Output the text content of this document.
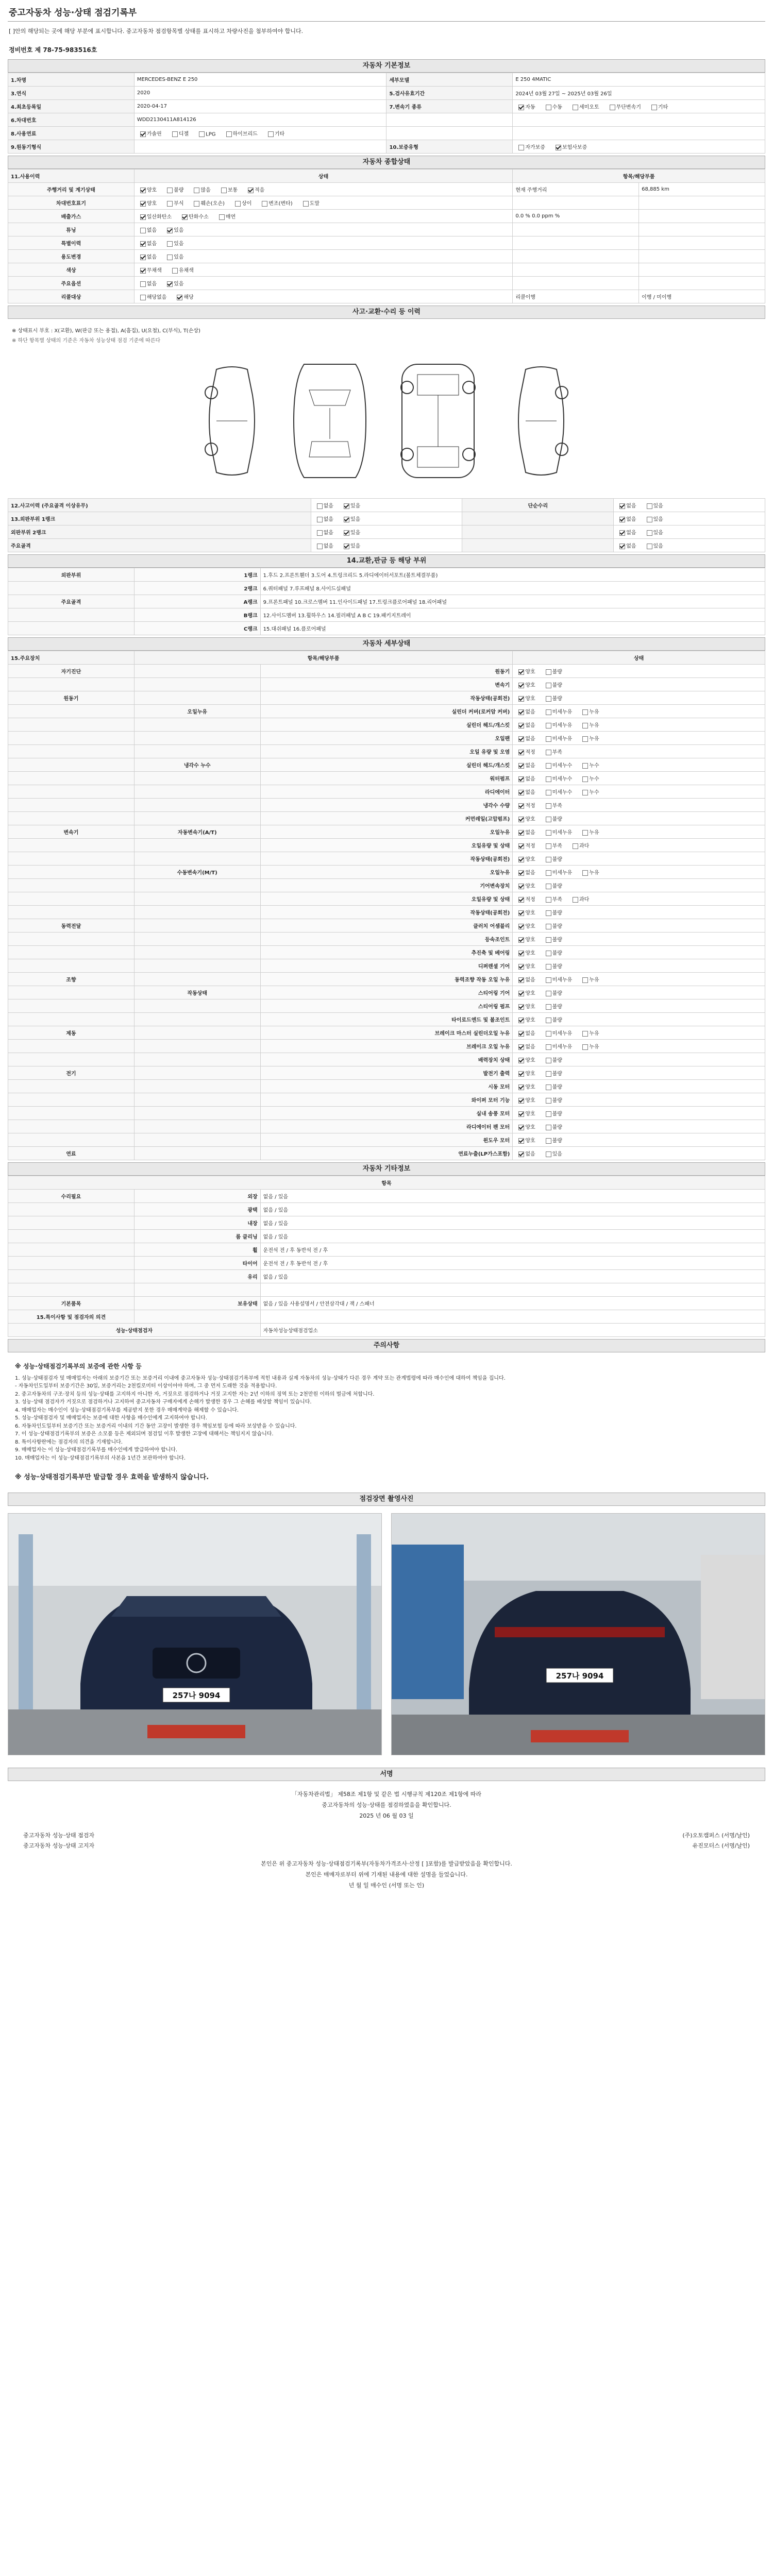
중고자동차 성능·상태 점검기록부
[ ]안의 해당되는 곳에 해당 부분에 표시합니다. 중고자동차 점검항목별 상태를 표시하고 차량사진을 첨부하여야 합니다.
정비번호 제 78-75-983516호
자동차 기본정보
1.차명	MERCEDES-BENZ E 250	세부모델	E 250 4MATIC
3.연식	2020	5.검사유효기간	2024년 03월 27일 ~ 2025년 03월 26일
4.최초등록일	2020-04-17	7.변속기 종류	자동 수동 세미오토 무단변속기 기타
6.차대번호	WDD2130411A814126		
8.사용연료	가솔린 디젤 LPG 하이브리드 기타		
9.원동기형식		10.보증유형	자가보증 보험사보증
자동차 종합상태
11.사용이력	상태	항목/해당부품	
주행거리 및 계기상태	양호 불량 많음 보통 적음	현재 주행거리	68,885 km
차대번호표기	양호 부식 훼손(오손) 상이 변조(변타) 도말		
배출가스	일산화탄소 탄화수소 매연	0.0 % 0.0 ppm %	
튜닝	없음 있음		
특별이력	없음 있음		
용도변경	없음 있음		
색상	무채색 유채색		
주요옵션	없음 있음		
리콜대상	해당없음 해당	리콜이행	이행 / 미이행
사고·교환·수리 등 이력
※ 상태표시 부호 : X(교환), W(판금 또는 용접), A(흠집), U(요철), C(부식), T(손상)
※ 하단 항목별 상태의 기준은 자동차 성능상태 점검 기준에 따른다
12.사고이력 (주요골격 이상유무)	없음 있음	단순수리	없음 있음
13.외판부위 1랭크	없음 있음		없음 있음
외판부위 2랭크	없음 있음		없음 있음
주요골격	없음 있음		없음 있음
14.교환,판금 등 해당 부위
외판부위	1랭크	1.후드 2.프론트휀더 3.도어 4.트렁크리드 5.라디에이터서포트(볼트체결부품)
	2랭크	6.쿼터패널 7.루프패널 8.사이드실패널
주요골격	A랭크	9.프론트패널 10.크로스멤버 11.인사이드패널 17.트렁크플로어패널 18.리어패널
	B랭크	12.사이드멤버 13.휠하우스 14.필러패널 A B C 19.패키지트레이
	C랭크	15.대쉬패널 16.플로어패널
자동차 세부상태
15.주요장치	항목/해당부품		상태
자기진단		원동기	양호 불량
		변속기	양호 불량
원동기		작동상태(공회전)	양호 불량
	오일누유	실린더 커버(로커암 커버)	없음 미세누유 누유
		실린더 헤드/개스킷	없음 미세누유 누유
		오일팬	없음 미세누유 누유
		오일 유량 및 오염	적정 부족
	냉각수 누수	실린더 헤드/개스킷	없음 미세누수 누수
		워터펌프	없음 미세누수 누수
		라디에이터	없음 미세누수 누수
		냉각수 수량	적정 부족
		커먼레일(고압펌프)	양호 불량
변속기	자동변속기(A/T)	오일누유	없음 미세누유 누유
		오일유량 및 상태	적정 부족 과다
		작동상태(공회전)	양호 불량
	수동변속기(M/T)	오일누유	없음 미세누유 누유
		기어변속장치	양호 불량
		오일유량 및 상태	적정 부족 과다
		작동상태(공회전)	양호 불량
동력전달		클러치 어셈블리	양호 불량
		등속조인트	양호 불량
		추진축 및 베어링	양호 불량
		디퍼렌셜 기어	양호 불량
조향		동력조향 작동 오일 누유	없음 미세누유 누유
	작동상태	스티어링 기어	양호 불량
		스티어링 펌프	양호 불량
		타이로드엔드 및 볼조인트	양호 불량
제동		브레이크 마스터 실린더오일 누유	없음 미세누유 누유
		브레이크 오일 누유	없음 미세누유 누유
		배력장치 상태	양호 불량
전기		발전기 출력	양호 불량
		시동 모터	양호 불량
		와이퍼 모터 기능	양호 불량
		실내 송풍 모터	양호 불량
		라디에이터 팬 모터	양호 불량
		윈도우 모터	양호 불량
연료		연료누출(LP가스포함)	없음 있음
자동차 기타정보
항목		
수리필요	외장	없음 / 있음
	광택	없음 / 있음
	내장	없음 / 있음
	룸 클리닝	없음 / 있음
	휠	운전석 전 / 후 동반석 전 / 후
	타이어	운전석 전 / 후 동반석 전 / 후
	유리	없음 / 있음

기본품목	보유상태	없음 / 있음 사용설명서 / 안전삼각대 / 잭 / 스패너
15.특이사항 및 점검자의 의견		
성능·상태점검자		자동차성능상태점검업소
주의사항
※ 성능·상태점검기록부의 보증에 관한 사항 등
1. 성능·상태점검자 및 매매업자는 아래의 보증기간 또는 보증거리 이내에 중고자동차 성능·상태점검기록부에 적힌 내용과 실제 자동차의 성능·상태가 다른 경우 계약 또는 관계법령에 따라 매수인에 대하여 책임을 집니다.
- 자동차인도일부터 보증기간은 30일, 보증거리는 2천킬로미터 이상이어야 하며, 그 중 먼저 도래한 것을 적용합니다.
2. 중고자동차의 구조·장치 등의 성능·상태를 고지하지 아니한 자, 거짓으로 점검하거나 거짓 고지한 자는 2년 이하의 징역 또는 2천만원 이하의 벌금에 처합니다.
3. 성능·상태 점검자가 거짓으로 점검하거나 고지하여 중고자동차 구매자에게 손해가 발생한 경우 그 손해를 배상할 책임이 있습니다.
4. 매매업자는 매수인이 성능·상태점검기록부를 제공받지 못한 경우 매매계약을 해제할 수 있습니다.
5. 성능·상태점검자 및 매매업자는 보증에 대한 사항을 매수인에게 고지하여야 합니다.
6. 자동차인도일부터 보증기간 또는 보증거리 이내의 기간 동안 고장이 발생한 경우 책임보험 등에 따라 보상받을 수 있습니다.
7. 이 성능·상태점검기록부의 보증은 소모품 등은 제외되며 점검일 이후 발생한 고장에 대해서는 책임지지 않습니다.
8. 특이사항란에는 점검자의 의견을 기재합니다.
9. 매매업자는 이 성능·상태점검기록부를 매수인에게 발급하여야 합니다.
10. 매매업자는 이 성능·상태점검기록부의 사본을 1년간 보관하여야 합니다.
※ 성능·상태점검기록부만 발급할 경우 효력을 발생하지 않습니다.
점검장면 촬영사진
257나 9094
257나 9094
서명
「자동차관리법」 제58조 제1항 및 같은 법 시행규칙 제120조 제1항에 따라
중고자동차의 성능·상태를 점검하였음을 확인합니다.
2025 년 06 월 03 일
중고자동차 성능·상태 점검자	(주)오토캠퍼스 (서명/날인)
중고자동차 성능·상태 고지자	유진모터스 (서명/날인)
본인은 위 중고자동차 성능·상태점검기록부(자동차가격조사·산정 [ ]포함)를 발급받았음을 확인합니다.
본인은 매매자로부터 위에 기재된 내용에 대한 설명을 들었습니다.
년 월 일 매수인 (서명 또는 인)
